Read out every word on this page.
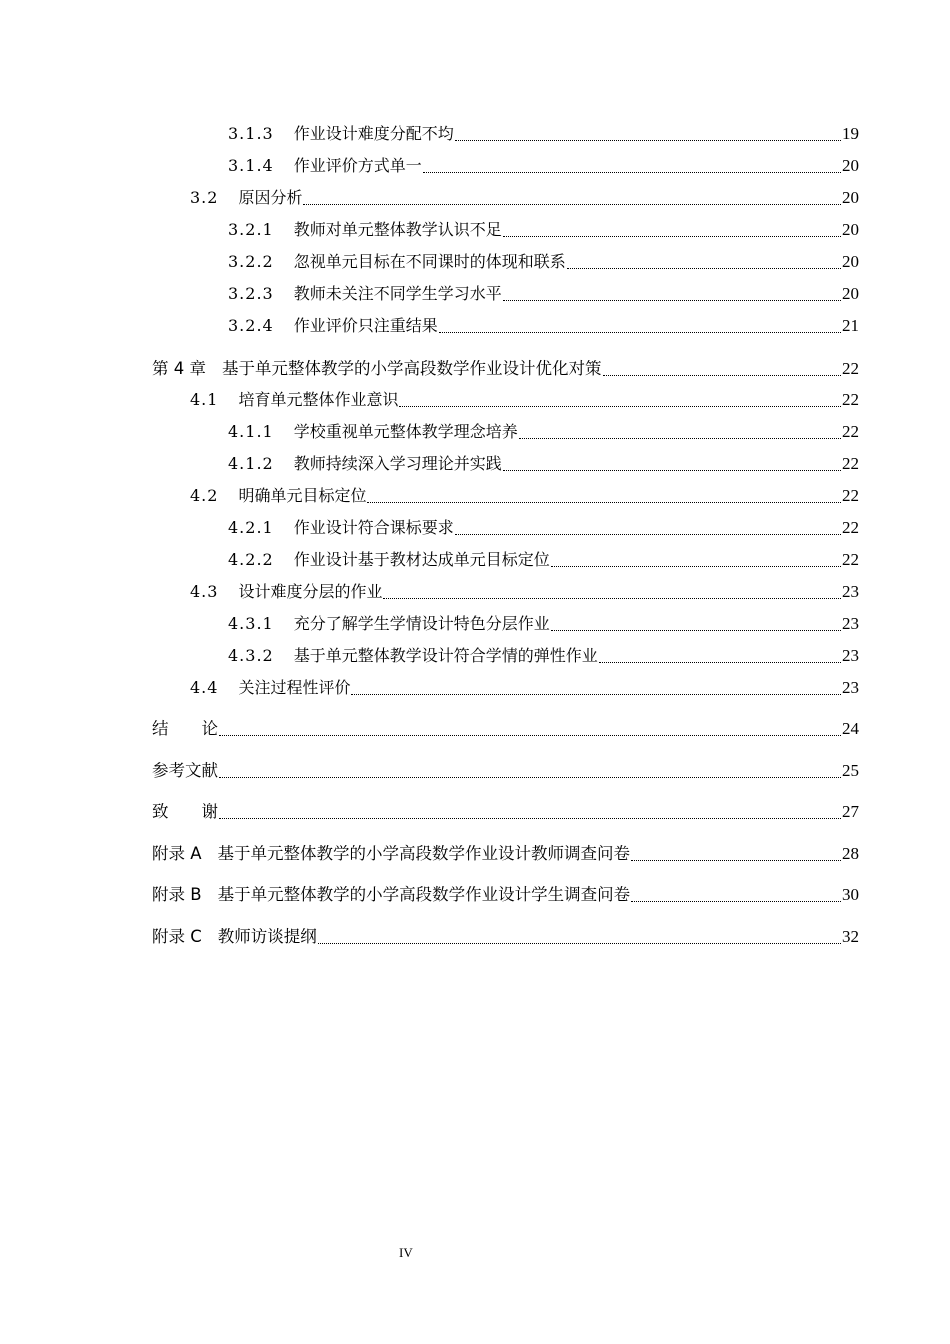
3.1.3 作业设计难度分配不均	19
3.1.4 作业评价方式单一	20
3.2 原因分析	20
3.2.1 教师对单元整体教学认识不足	20
3.2.2 忽视单元目标在不同课时的体现和联系	20
3.2.3 教师未关注不同学生学习水平	20
3.2.4 作业评价只注重结果	21
第 4 章 基于单元整体教学的小学高段数学作业设计优化对策	22
4.1 培育单元整体作业意识	22
4.1.1 学校重视单元整体教学理念培养	22
4.1.2 教师持续深入学习理论并实践	22
4.2 明确单元目标定位	22
4.2.1 作业设计符合课标要求	22
4.2.2 作业设计基于教材达成单元目标定位	22
4.3 设计难度分层的作业	23
4.3.1 充分了解学生学情设计特色分层作业	23
4.3.2 基于单元整体教学设计符合学情的弹性作业	23
4.4 关注过程性评价	23
结　　论	24
参考文献	25
致　　谢	27
附录 A 基于单元整体教学的小学高段数学作业设计教师调查问卷	28
附录 B 基于单元整体教学的小学高段数学作业设计学生调查问卷	30
附录 C 教师访谈提纲	32
IV
